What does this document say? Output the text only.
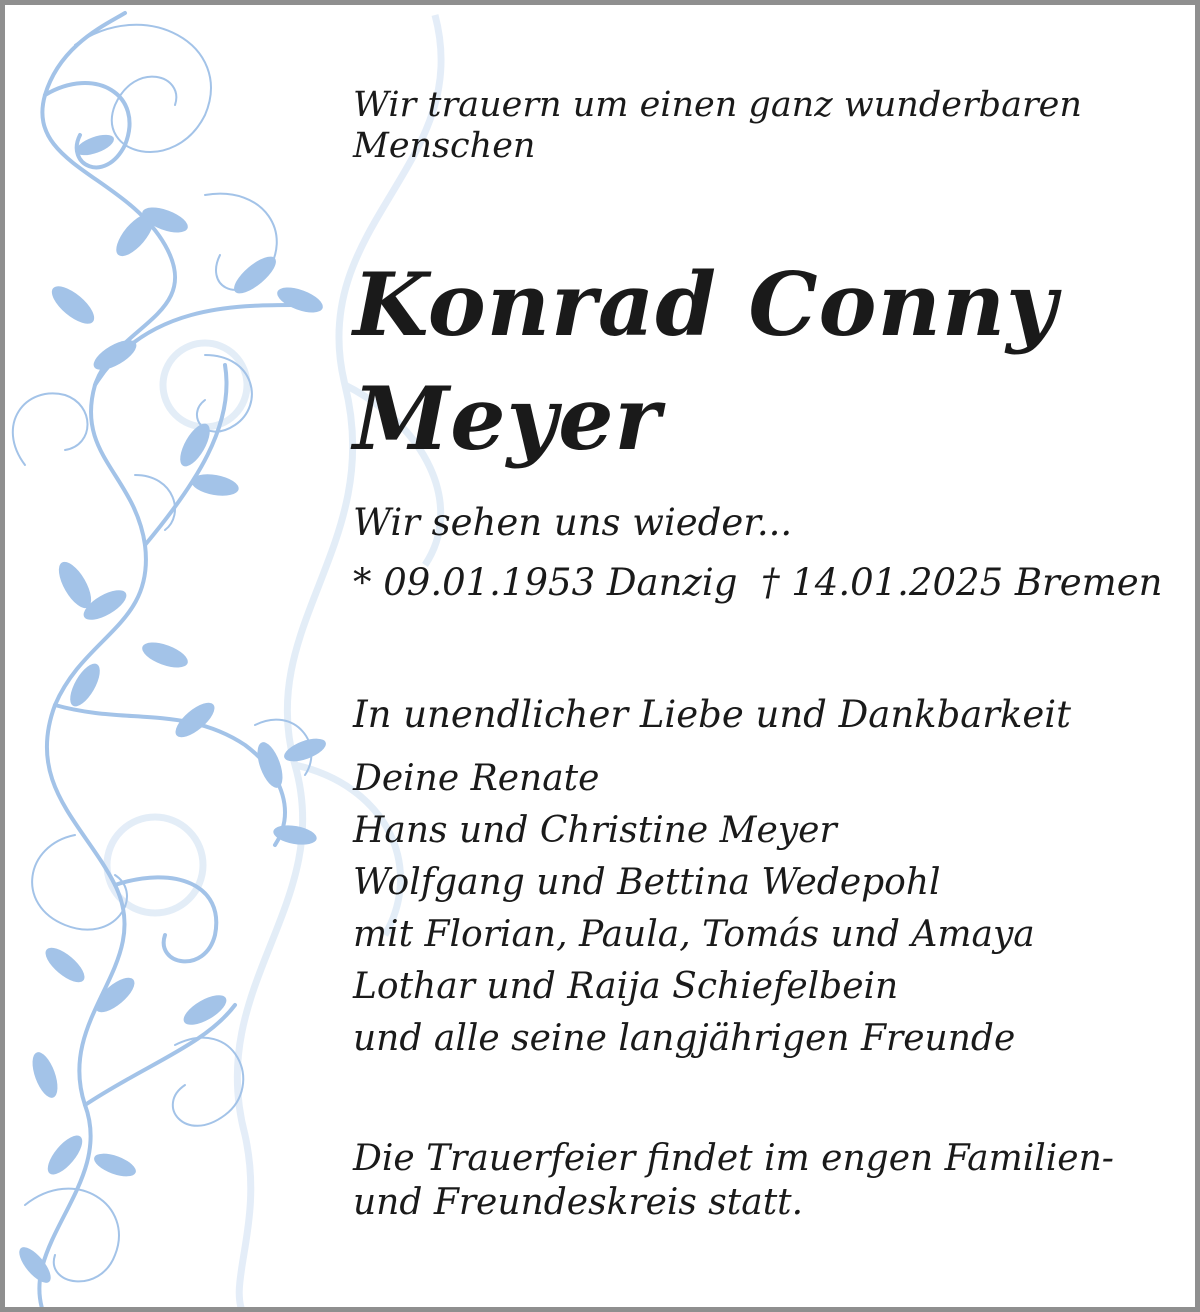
Wir trauern um einen ganz wunderbaren
Menschen
Konrad Conny
Meyer
Wir sehen uns wieder...
* 09.01.1953 Danzig † 14.01.2025 Bremen
In unendlicher Liebe und Dankbarkeit
Deine Renate
Hans und Christine Meyer
Wolfgang und Bettina Wedepohl
mit Florian, Paula, Tomás und Amaya
Lothar und Raija Schiefelbein
und alle seine langjährigen Freunde
Die Trauerfeier findet im engen Familien-
und Freundeskreis statt.
